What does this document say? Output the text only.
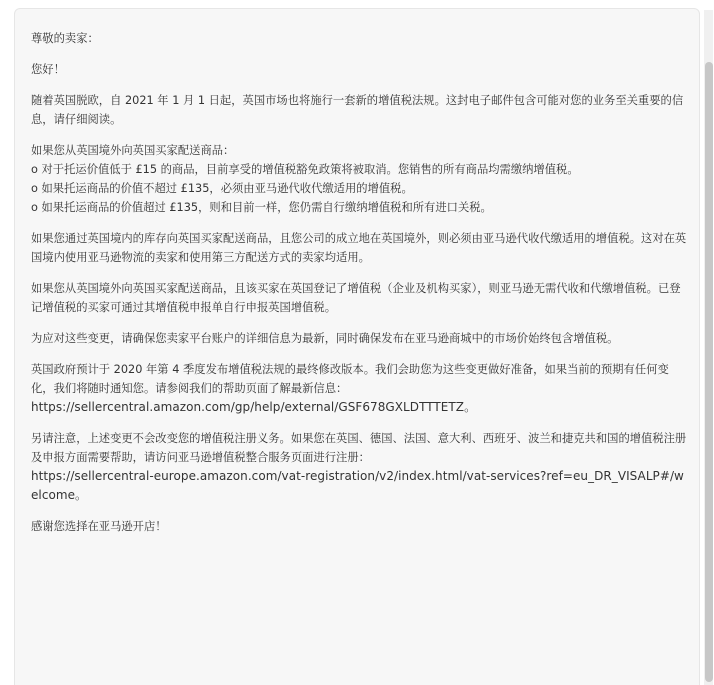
尊敬的卖家：

您好！

随着英国脱欧，自 2021 年 1 月 1 日起，英国市场也将施行一套新的增值税法规。这封电子邮件包含可能对您的业务至关重要的信息，请仔细阅读。

如果您从英国境外向英国买家配送商品：
o 对于托运价值低于 £15 的商品，目前享受的增值税豁免政策将被取消。您销售的所有商品均需缴纳增值税。
o 如果托运商品的价值不超过 £135，必须由亚马逊代收代缴适用的增值税。
o 如果托运商品的价值超过 £135，则和目前一样，您仍需自行缴纳增值税和所有进口关税。

如果您通过英国境内的库存向英国买家配送商品，且您公司的成立地在英国境外，则必须由亚马逊代收代缴适用的增值税。这对在英国境内使用亚马逊物流的卖家和使用第三方配送方式的卖家均适用。

如果您从英国境外向英国买家配送商品，且该买家在英国登记了增值税（企业及机构买家），则亚马逊无需代收和代缴增值税。已登记增值税的买家可通过其增值税申报单自行申报英国增值税。

为应对这些变更，请确保您卖家平台账户的详细信息为最新，同时确保发布在亚马逊商城中的市场价始终包含增值税。

英国政府预计于 2020 年第 4 季度发布增值税法规的最终修改版本。我们会助您为这些变更做好准备，如果当前的预期有任何变化，我们将随时通知您。请参阅我们的帮助页面了解最新信息：
https://sellercentral.amazon.com/gp/help/external/GSF678GXLDTTTETZ。

另请注意，上述变更不会改变您的增值税注册义务。如果您在英国、德国、法国、意大利、西班牙、波兰和捷克共和国的增值税注册及申报方面需要帮助，请访问亚马逊增值税整合服务页面进行注册：
https://sellercentral-europe.amazon.com/vat-registration/v2/index.html/vat-services?ref=eu_DR_VISALP#/welcome。

感谢您选择在亚马逊开店！
